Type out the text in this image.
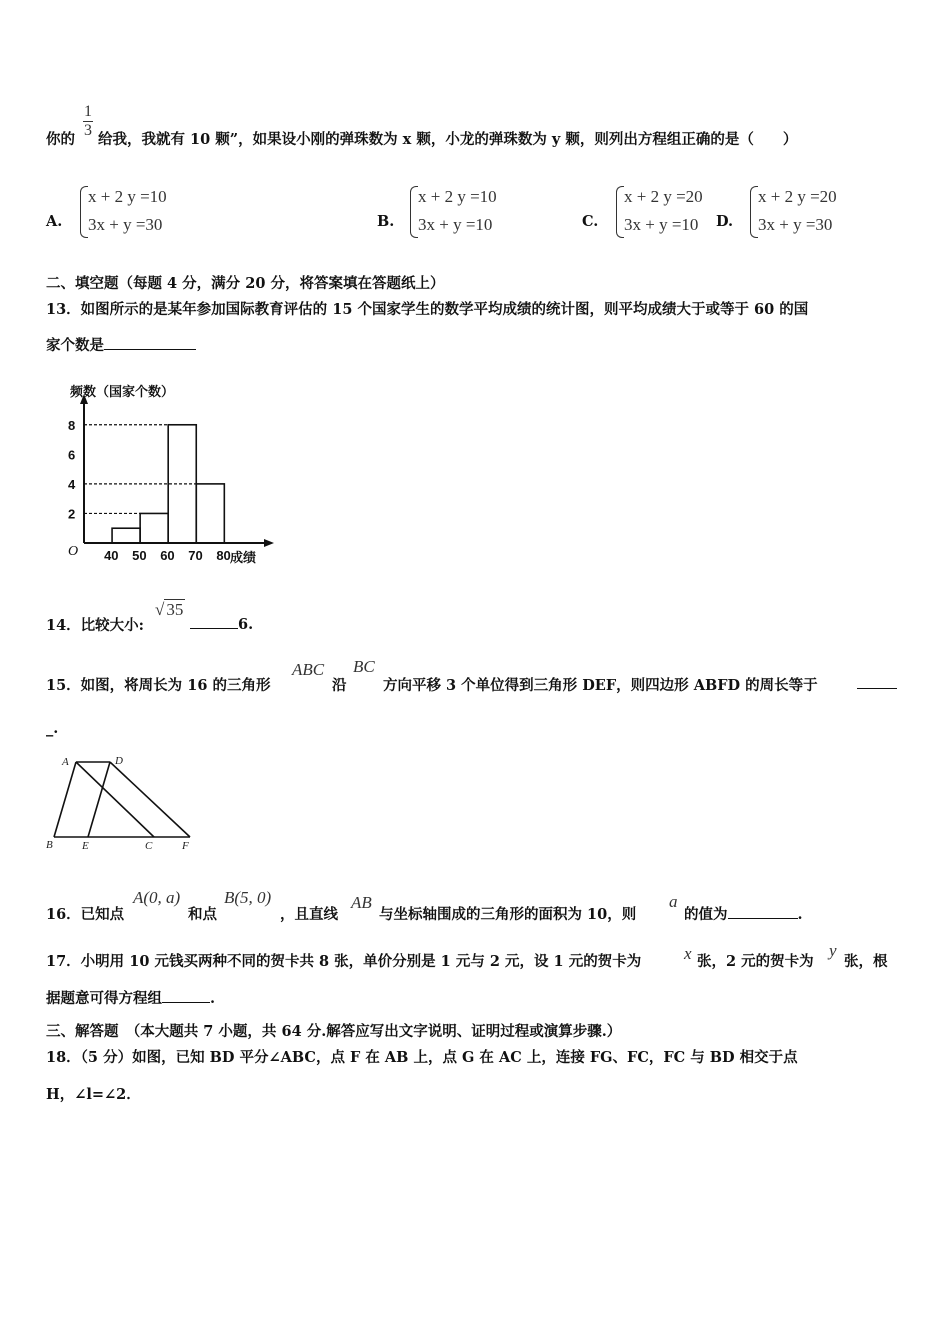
1
3
你的 给我，我就有 10 颗”，如果设小刚的弹珠数为 x 颗，小龙的弹珠数为 y 颗，则列出方程组正确的是（　　）
A.
x + 2 y =10
3x + y =30	B.
x + 2 y =10
3x + y =10	C.
x + 2 y =20
3x + y =10 D.
x + 2 y =20
3x + y =30
二、填空题（每题 4 分，满分 20 分，将答案填在答题纸上）
13．如图所示的是某年参加国际教育评估的 15 个国家学生的数学平均成绩的统计图，则平均成绩大于或等于 60 的国
家个数是
2
4
6
8
40 50 60 70 80
O
频数（国家个数）
成绩
14．比较大小:
√ 35
6.
15．如图，将周长为 16 的三角形
ABC
沿
BC
方向平移 3 个单位得到三角形 DEF，则四边形 ABFD 的周长等于
_.
A	D
B	E	C	F
16．已知点
A(0, a)
和点
B(5, 0)
，且直线
AB
与坐标轴围成的三角形的面积为 10，则
a
的值为	.
17．小明用 10 元钱买两种不同的贺卡共 8 张，单价分别是 1 元与 2 元，设 1 元的贺卡为	x 张，2 元的贺卡为
y
张，根
据题意可得方程组	.
三、解答题　（本大题共 7 小题，共 64 分.解答应写出文字说明、证明过程或演算步骤.）
18．（5 分）如图，已知 BD 平分∠ABC，点 F 在 AB 上，点 G 在 AC 上，连接 FG、FC，FC 与 BD 相交于点
H，∠l=∠2．
